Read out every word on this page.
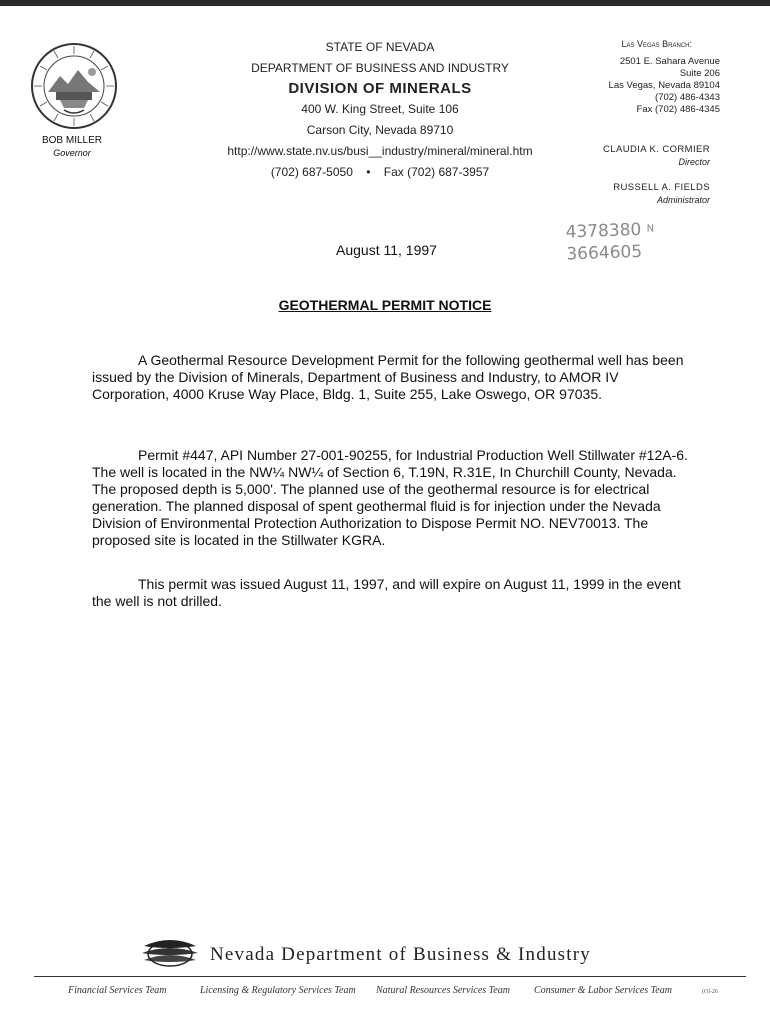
BOB MILLER
Governor
STATE OF NEVADA
DEPARTMENT OF BUSINESS AND INDUSTRY
DIVISION OF MINERALS
400 W. King Street, Suite 106
Carson City, Nevada 89710
http://www.state.nv.us/busi__industry/mineral/mineral.htm
(702) 687-5050 • Fax (702) 687-3957
Las Vegas Branch:
2501 E. Sahara Avenue
Suite 206
Las Vegas, Nevada 89104
(702) 486-4343
Fax (702) 486-4345
CLAUDIA K. CORMIER
Director
RUSSELL A. FIELDS
Administrator
4378380 N
3664605
August 11, 1997
GEOTHERMAL PERMIT NOTICE

A Geothermal Resource Development Permit for the following geothermal well has been issued by the Division of Minerals, Department of Business and Industry, to AMOR IV Corporation, 4000 Kruse Way Place, Bldg. 1, Suite 255, Lake Oswego, OR 97035.

Permit #447, API Number 27-001-90255, for Industrial Production Well Stillwater #12A-6. The well is located in the NW¼ NW¼ of Section 6, T.19N, R.31E, In Churchill County, Nevada. The proposed depth is 5,000'. The planned use of the geothermal resource is for electrical generation. The planned disposal of spent geothermal fluid is for injection under the Nevada Division of Environmental Protection Authorization to Dispose Permit NO. NEV70013. The proposed site is located in the Stillwater KGRA.

This permit was issued August 11, 1997, and will expire on August 11, 1999 in the event the well is not drilled.

Nevada Department of Business & Industry
Financial Services Team	Licensing & Regulatory Services Team Natural Resources Services Team Consumer & Labor Services Team	(Ol-26
